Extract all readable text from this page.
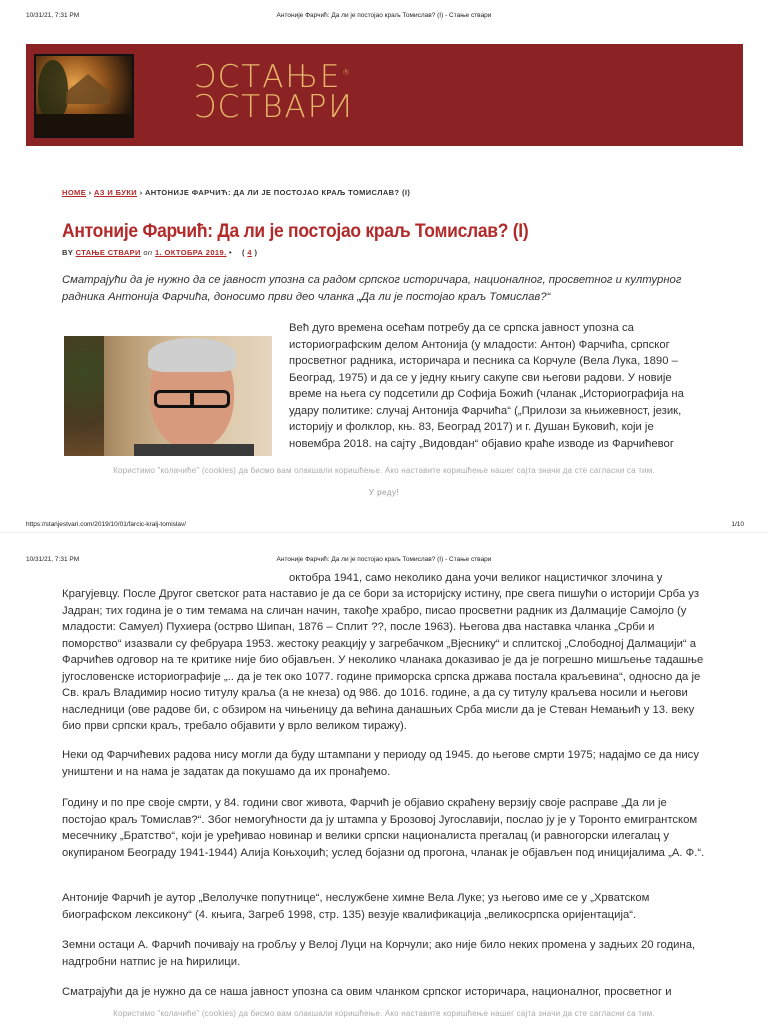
10/31/21, 7:31 PM	Антоније Фарчић: Да ли је постојао краљ Томислав? (I) - Стање ствари
ƆСТАЊЕ
ƆСТВАРИ
®
HOME › АЗ И БУКИ › АНТОНИЈЕ ФАРЧИЋ: ДА ЛИ ЈЕ ПОСТОЈАО КРАЉ ТОМИСЛАВ? (I)
Антоније Фарчић: Да ли је постојао краљ Томислав? (I)
BY СТАЊЕ СТВАРИ on 1. ОКТОБРА 2019. • ( 4 )

Сматрајући да је нужно да се јавност упозна са радом српског историчара, националног, просветног и културног радника Антонија Фарчића, доносимо први део чланка „Да ли је постојао краљ Томислав?“

Већ дуго времена осећам потребу да се српска јавност упозна са историографским делом Антонија (у младости: Антон) Фарчића, српског просветног радника, историчара и песника са Корчуле (Вела Лука, 1890 – Београд, 1975) и да се у једну књигу сакупе сви његови радови. У новије време на њега су подсетили др Софија Божић (чланак „Историографија на удару политике: случај Антонија Фарчића“ („Прилози за књижевност, језик, историју и фолклор, књ. 83, Београд 2017) и г. Душан Буковић, који је новембра 2018. на сајту „Видовдан“ објавио краће изводе из Фарчићевог

Користимо "колачиће" (cookies) да бисмо вам олакшали коришћење. Ако наставите коришћење нашег сајта значи да сте сагласни са тим.
У реду!
https://stanjestvari.com/2019/10/01/farcic-kralj-tomislav/	1/10
10/31/21, 7:31 PM	Антоније Фарчић: Да ли је постојао краљ Томислав? (I) - Стање ствари

октобра 1941, само неколико дана уочи великог нацистичког злочина у

Крагујевцу. После Другог светског рата наставио је да се бори за историјску истину, пре свега пишући о историји Срба уз Јадран; тих година је о тим темама на сличан начин, такође храбро, писао просветни радник из Далмације Самојло (у младости: Самуел) Пухиера (острво Шипан, 1876 – Сплит ??, после 1963). Његова два наставка чланка „Срби и поморство“ изазвали су фебруара 1953. жестоку реакцију у загребачком „Вјеснику“ и сплитској „Слободној Далмацији“ а Фарчићев одговор на те критике није био објављен. У неколико чланака доказивао је да је погрешно мишљење тадашње југословенске историографије „.. да је тек око 1077. године приморска српска држава постала краљевина“, односно да је Св. краљ Владимир носио титулу краља (а не кнеза) од 986. до 1016. године, а да су титулу краљева носили и његови наследници (ове радове би, с обзиром на чињеницу да већина данашњих Срба мисли да је Стеван Немањић у 13. веку био први српски краљ, требало објавити у врло великом тиражу).

Неки од Фарчићевих радова нису могли да буду штампани у периоду од 1945. до његове смрти 1975; надајмо се да нису уништени и на нама је задатак да покушамо да их пронађемо.

Годину и по пре своје смрти, у 84. години свог живота, Фарчић је објавио скраћену верзију своје расправе „Да ли је постојао краљ Томислав?“. Због немогућности да ју штампа у Брозовој Југославији, послао ју је у Торонто емигрантском месечнику „Братство“, који је уређивао новинар и велики српски националиста прегалац (и равногорски илегалац у окупираном Београду 1941-1944) Алија Коњхоџић; услед бојазни од прогона, чланак је објављен под иницијалима „А. Ф.“.

Антоније Фарчић је аутор „Велолучке попутнице“, неслужбене химне Вела Луке; уз његово име се у „Хрватском биографском лексикону“ (4. књига, Загреб 1998, стр. 135) везује квалификација „великосрпска оријентација“.

Земни остаци А. Фарчић почивају на гробљу у Велој Луци на Корчули; ако није било неких промена у задњих 20 година, надгробни натпис је на ћирилици.

Сматрајући да је нужно да се наша јавност упозна са овим чланком српског историчара, националног, просветног и

Користимо "колачиће" (cookies) да бисмо вам олакшали коришћење. Ако наставите коришћење нашег сајта значи да сте сагласни са тим.
